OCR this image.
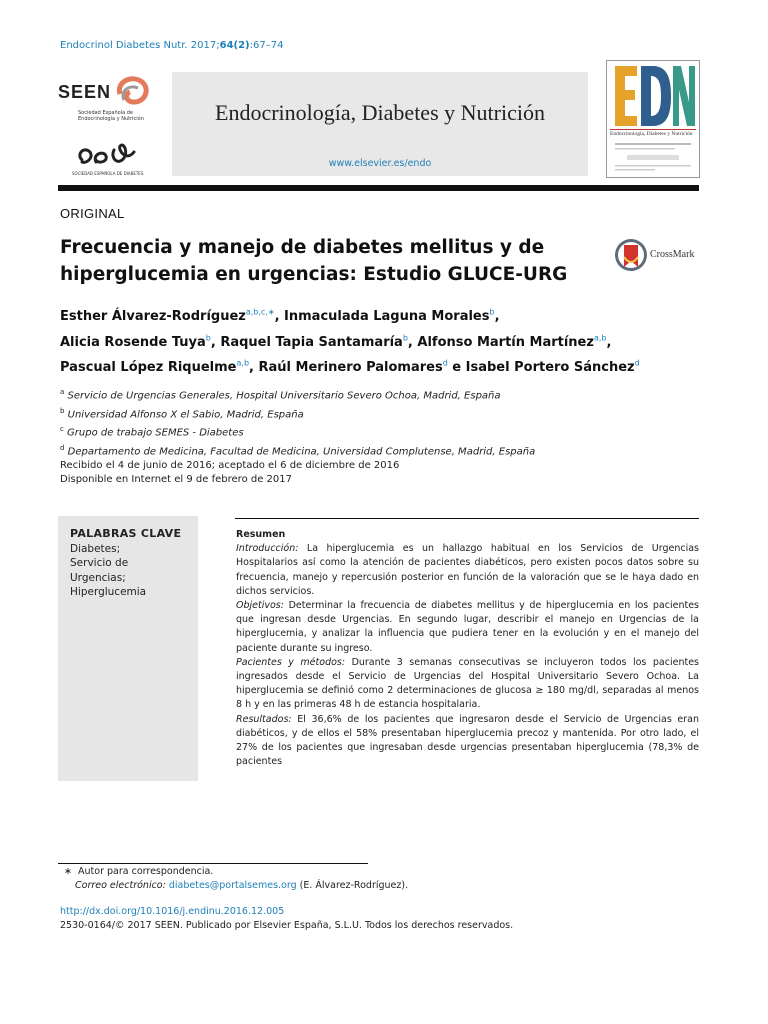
Endocrinol Diabetes Nutr. 2017;64(2):67–74
SEEN
Sociedad Española de Endocrinología y Nutrición
SOCIEDAD ESPAÑOLA DE DIABETES
Endocrinología, Diabetes y Nutrición
www.elsevier.es/endo
Endocrinología, Diabetes y Nutrición
ORIGINAL
Frecuencia y manejo de diabetes mellitus y de hiperglucemia en urgencias: Estudio GLUCE-URG
CrossMark
Esther Álvarez-Rodríguez$^{a,b,c,∗}$, Inmaculada Laguna Morales$^b$,
Alicia Rosende Tuya$^b$, Raquel Tapia Santamaría$^b$, Alfonso Martín Martínez$^{a,b}$,
Pascual López Riquelme$^{a,b}$, Raúl Merinero Palomares$^d$ e Isabel Portero Sánchez$^d$
$^a$ Servicio de Urgencias Generales, Hospital Universitario Severo Ochoa, Madrid, España
$^b$ Universidad Alfonso X el Sabio, Madrid, España
$^c$ Grupo de trabajo SEMES - Diabetes
$^d$ Departamento de Medicina, Facultad de Medicina, Universidad Complutense, Madrid, España
Recibido el 4 de junio de 2016; aceptado el 6 de diciembre de 2016
Disponible en Internet el 9 de febrero de 2017
PALABRAS CLAVE
Diabetes;
Servicio de
Urgencias;
Hiperglucemia
Resumen
Introducción: La hiperglucemia es un hallazgo habitual en los Servicios de Urgencias Hospitalarios así como la atención de pacientes diabéticos, pero existen pocos datos sobre su frecuencia, manejo y repercusión posterior en función de la valoración que se le haya dado en dichos servicios.
Objetivos: Determinar la frecuencia de diabetes mellitus y de hiperglucemia en los pacientes que ingresan desde Urgencias. En segundo lugar, describir el manejo en Urgencias de la hiperglucemia, y analizar la influencia que pudiera tener en la evolución y en el manejo del paciente durante su ingreso.
Pacientes y métodos: Durante 3 semanas consecutivas se incluyeron todos los pacientes ingresados desde el Servicio de Urgencias del Hospital Universitario Severo Ochoa. La hiperglucemia se definió como 2 determinaciones de glucosa ≥ 180 mg/dl, separadas al menos 8 h y en las primeras 48 h de estancia hospitalaria.
Resultados: El 36,6% de los pacientes que ingresaron desde el Servicio de Urgencias eran diabéticos, y de ellos el 58% presentaban hiperglucemia precoz y mantenida. Por otro lado, el 27% de los pacientes que ingresaban desde urgencias presentaban hiperglucemia (78,3% de pacientes
∗ Autor para correspondencia.
Correo electrónico: diabetes@portalsemes.org (E. Álvarez-Rodríguez).
http://dx.doi.org/10.1016/j.endinu.2016.12.005
2530-0164/© 2017 SEEN. Publicado por Elsevier España, S.L.U. Todos los derechos reservados.
